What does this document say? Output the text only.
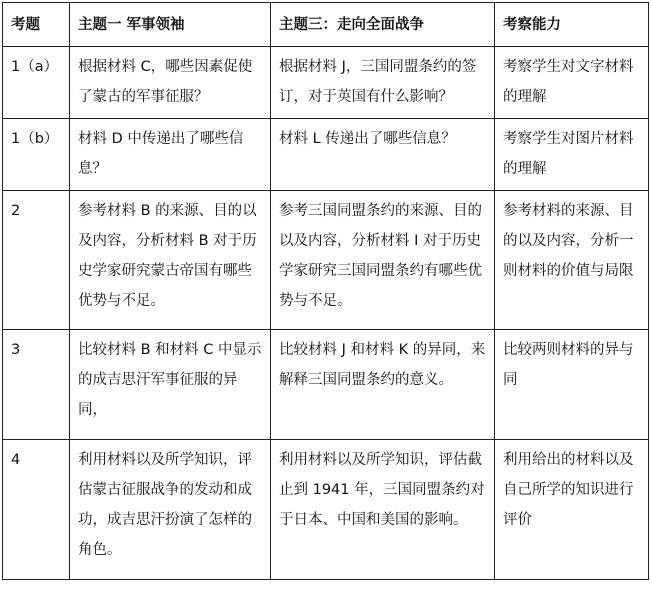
考题	主题一 军事领袖	主题三：走向全面战争	考察能力
1（a）	根据材料 C，哪些因素促使了蒙古的军事征服？	根据材料 J，三国同盟条约的签订，对于英国有什么影响？	考察学生对文字材料的理解
1（b）	材料 D 中传递出了哪些信息？	材料 L 传递出了哪些信息？	考察学生对图片材料的理解
2	参考材料 B 的来源、目的以及内容，分析材料 B 对于历史学家研究蒙古帝国有哪些优势与不足。	参考三国同盟条约的来源、目的以及内容，分析材料 I 对于历史学家研究三国同盟条约有哪些优势与不足。	参考材料的来源、目的以及内容，分析一则材料的价值与局限
3	比较材料 B 和材料 C 中显示的成吉思汗军事征服的异同，	比较材料 J 和材料 K 的异同，来解释三国同盟条约的意义。	比较两则材料的异与同
4	利用材料以及所学知识，评估蒙古征服战争的发动和成功，成吉思汗扮演了怎样的角色。	利用材料以及所学知识，评估截止到 1941 年，三国同盟条约对于日本、中国和美国的影响。	利用给出的材料以及自己所学的知识进行评价
